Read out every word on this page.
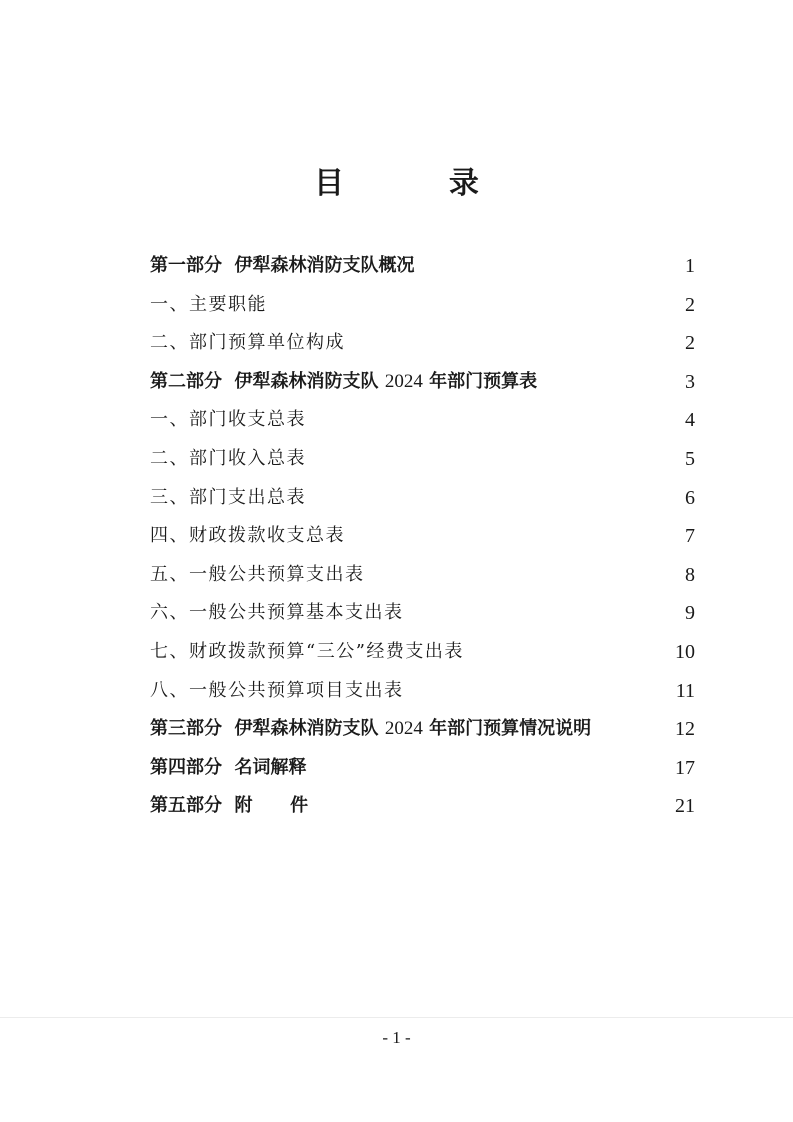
目  录
第一部分  伊犁森林消防支队概况	1
一、主要职能	2
二、部门预算单位构成	2
第二部分  伊犁森林消防支队 2024 年部门预算表	3
一、部门收支总表	4
二、部门收入总表	5
三、部门支出总表	6
四、财政拨款收支总表	7
五、一般公共预算支出表	8
六、一般公共预算基本支出表	9
七、财政拨款预算“三公”经费支出表	10
八、一般公共预算项目支出表	11
第三部分  伊犁森林消防支队 2024 年部门预算情况说明	12
第四部分  名词解释	17
第五部分  附      件	21
- 1 -
